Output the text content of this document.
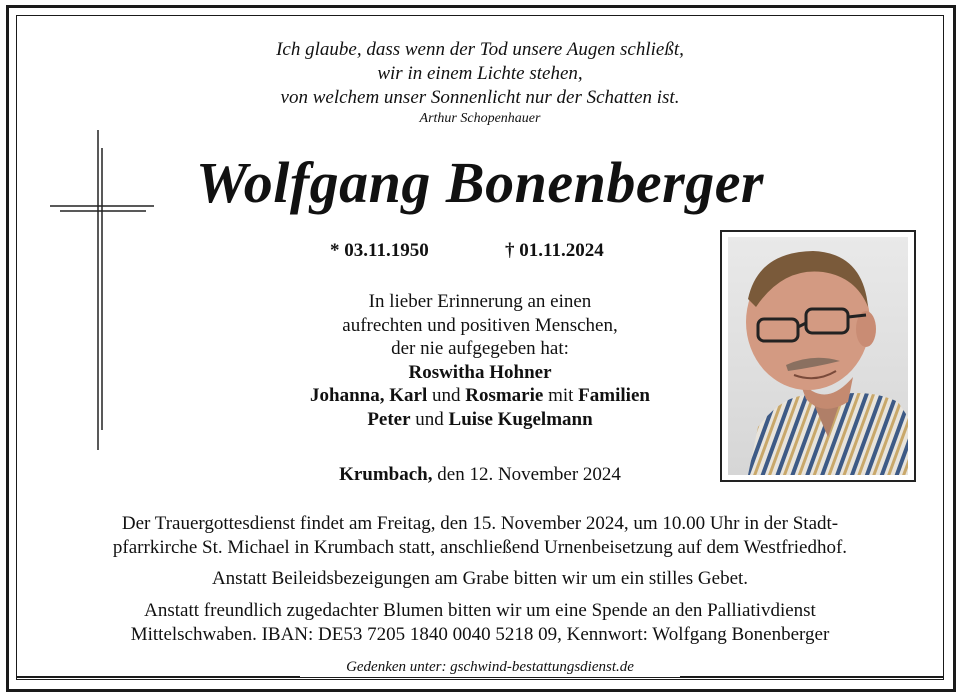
Ich glaube, dass wenn der Tod unsere Augen schließt,
wir in einem Lichte stehen,
von welchem unser Sonnenlicht nur der Schatten ist.
Arthur Schopenhauer
Wolfgang Bonenberger
* 03.11.1950	† 01.11.2024
In lieber Erinnerung an einen
aufrechten und positiven Menschen,
der nie aufgegeben hat:
Roswitha Hohner
Johanna, Karl und Rosmarie mit Familien
Peter und Luise Kugelmann
Krumbach, den 12. November 2024
Der Trauergottesdienst findet am Freitag, den 15. November 2024, um 10.00 Uhr in der Stadt-
pfarrkirche St. Michael in Krumbach statt, anschließend Urnenbeisetzung auf dem Westfriedhof.
Anstatt Beileidsbezeigungen am Grabe bitten wir um ein stilles Gebet.
Anstatt freundlich zugedachter Blumen bitten wir um eine Spende an den Palliativdienst
Mittelschwaben. IBAN: DE53 7205 1840 0040 5218 09, Kennwort: Wolfgang Bonenberger
Gedenken unter: gschwind-bestattungsdienst.de
